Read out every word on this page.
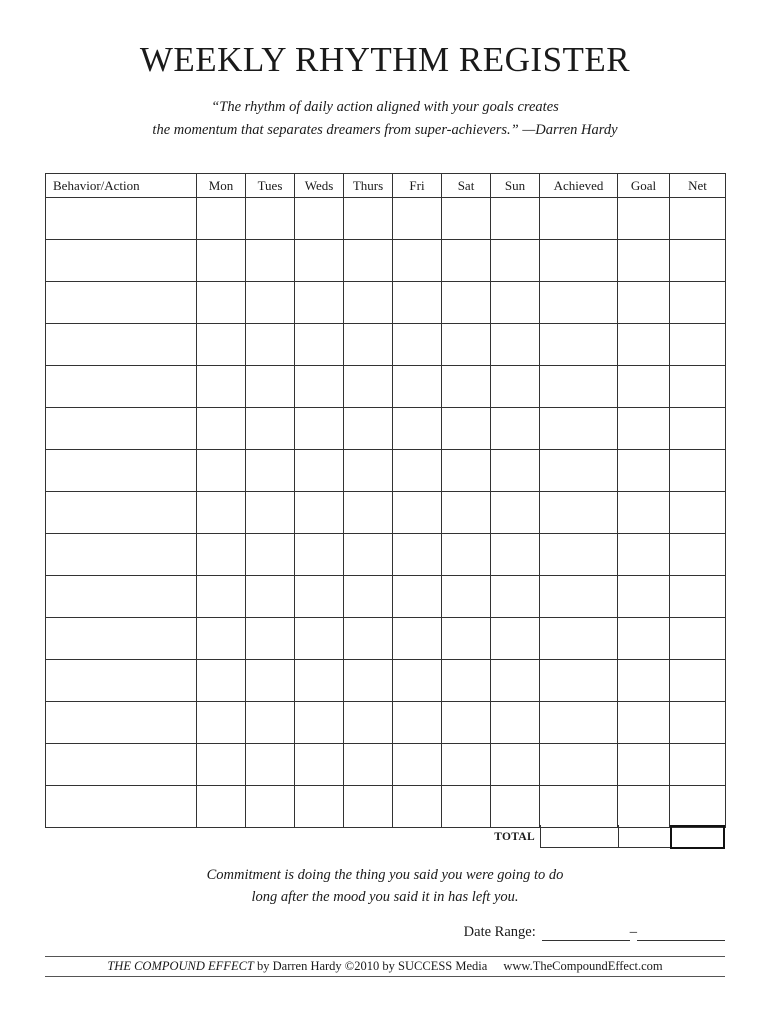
WEEKLY RHYTHM REGISTER
“The rhythm of daily action aligned with your goals creates
the momentum that separates dreamers from super-achievers.” —Darren Hardy
Behavior/Action	Mon	Tues	Weds	Thurs	Fri	Sat	Sun	Achieved	Goal	Net

TOTAL
Commitment is doing the thing you said you were going to do
long after the mood you said it in has left you.
Date Range:	–
THE COMPOUND EFFECT by Darren Hardy ©2010 by SUCCESS Media www.TheCompoundEffect.com
